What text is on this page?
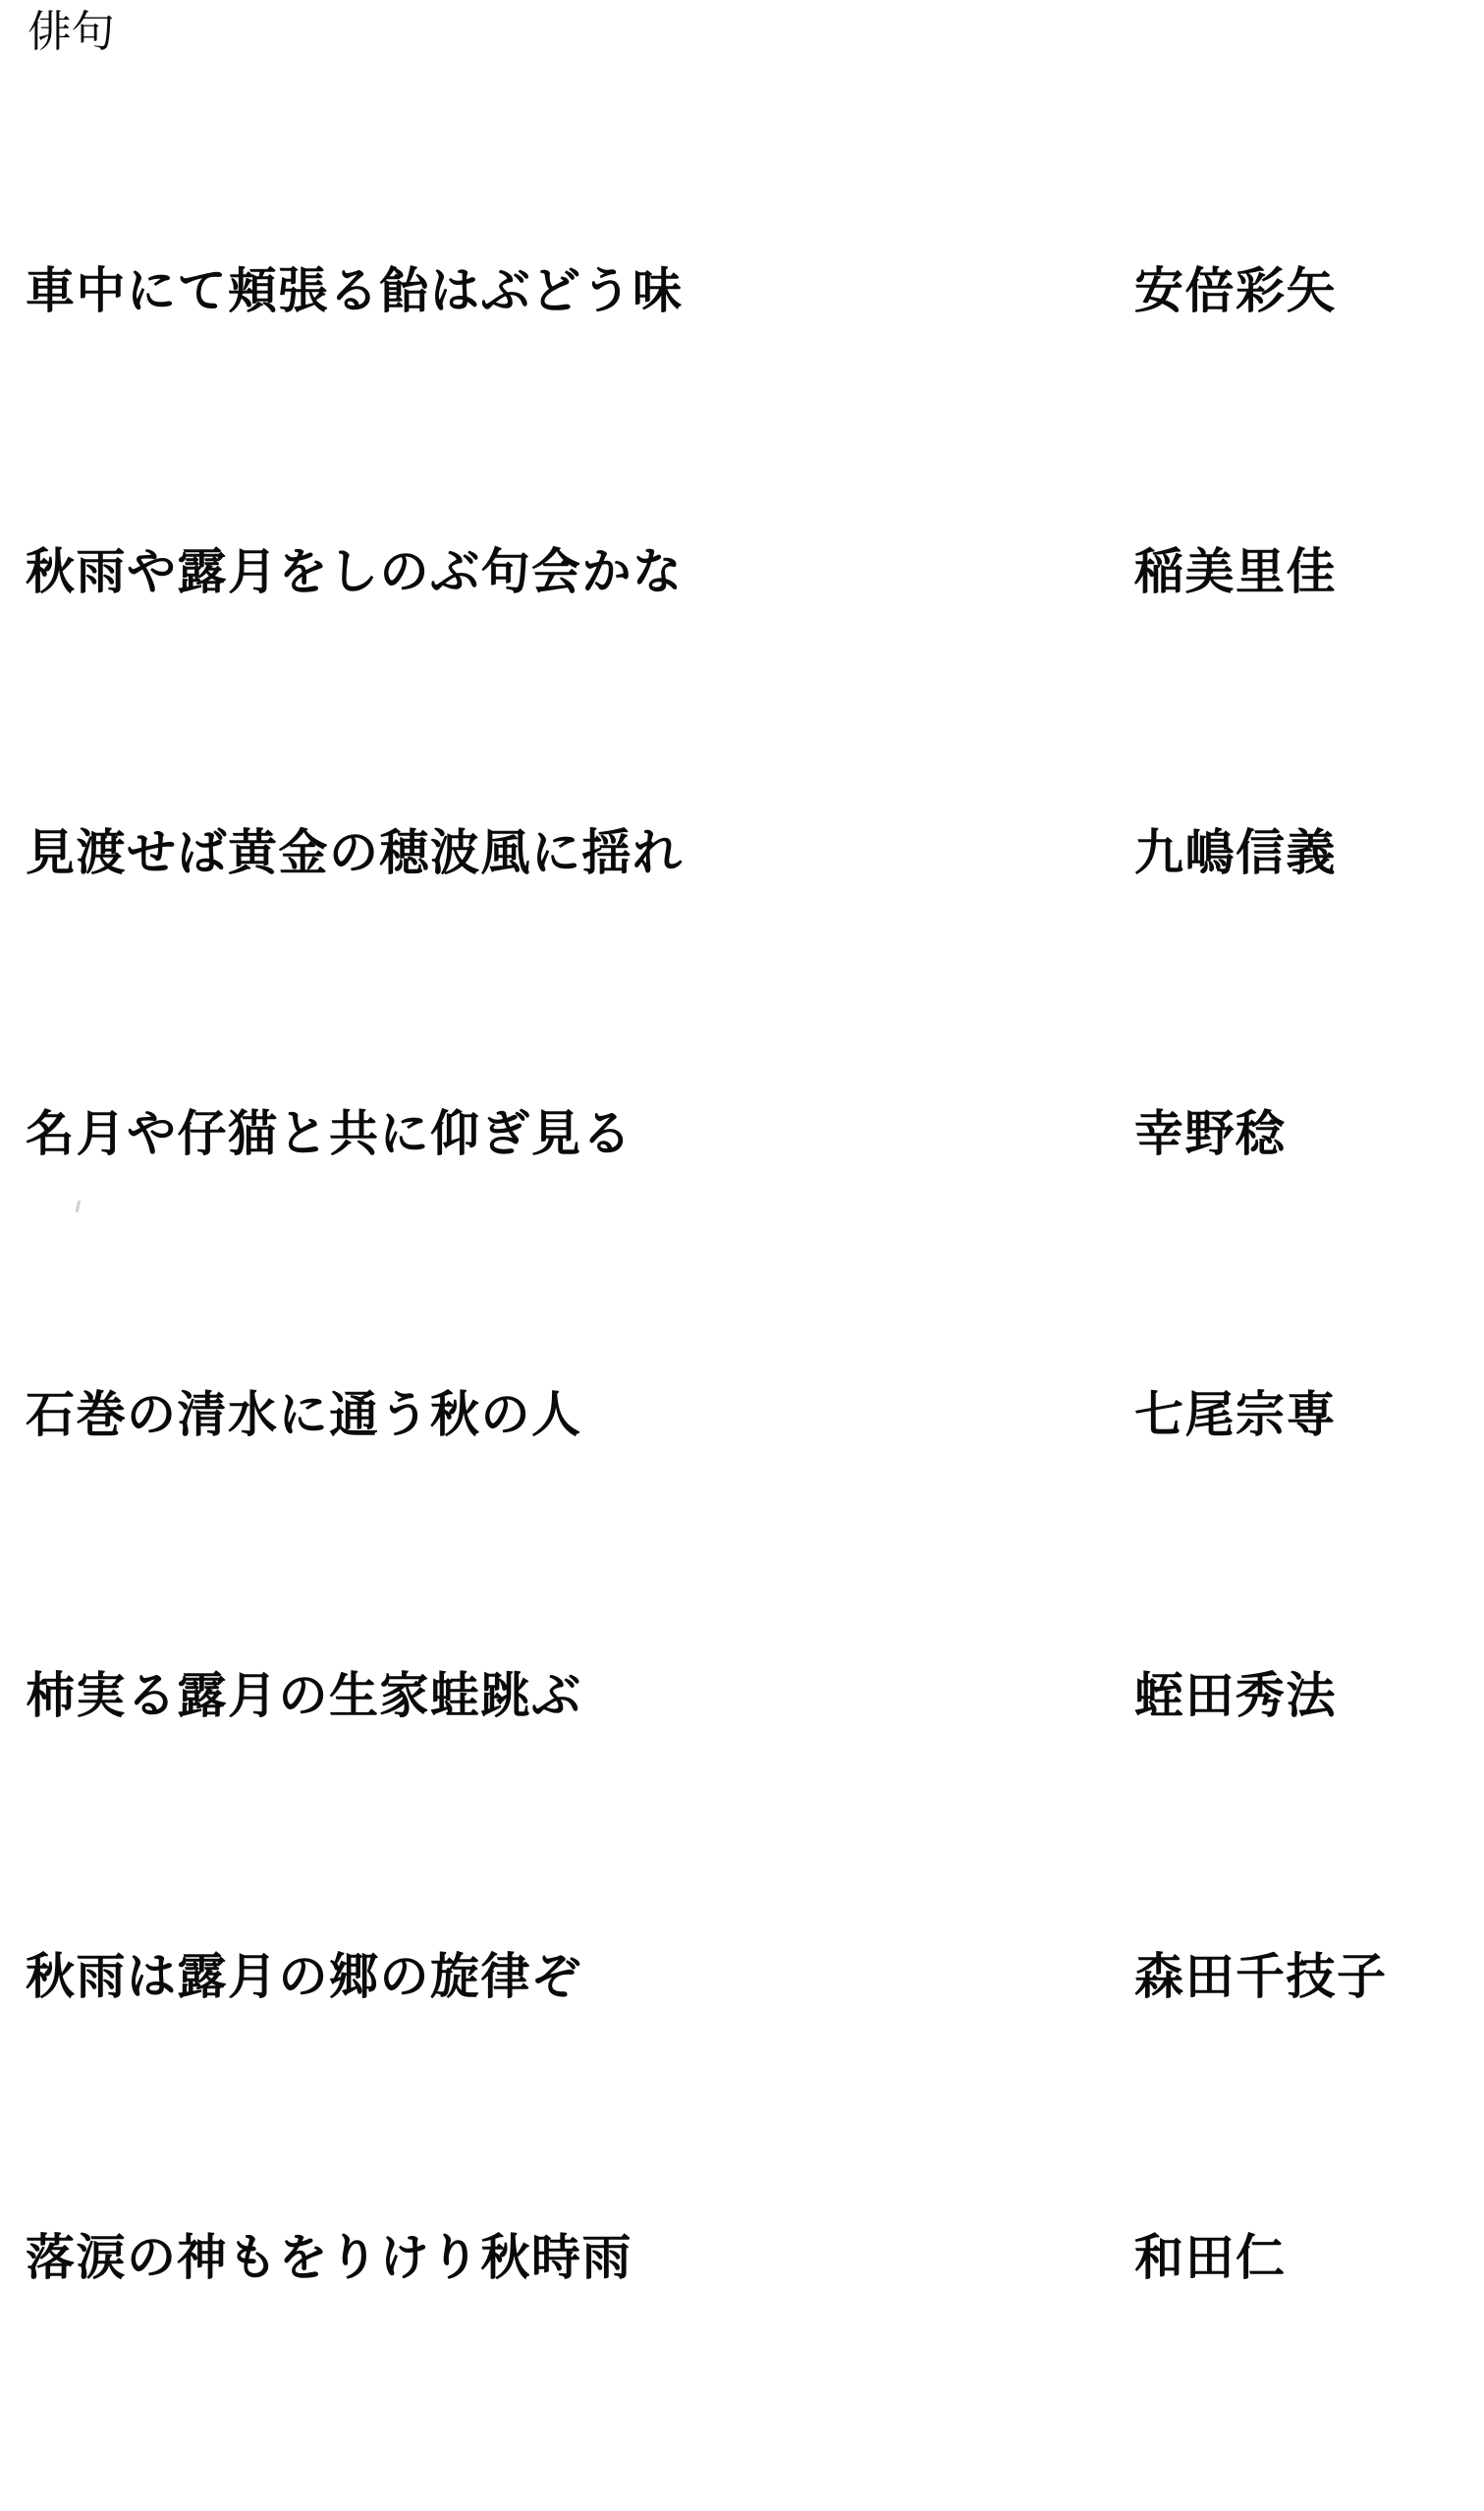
俳句
車中にて頬張る飴はぶどう味	安倍彩矢
秋雨や露月をしのぶ句会かな	稲美里佳
見渡せば黄金の穂波風に揺れ	九嶋信義
名月や仔猫と共に仰ぎ見る	幸野稔
石巻の清水に通う秋の人	七尾宗専
柿実る露月の生家蛙跳ぶ	蛭田秀法
秋雨は露月の郷の旋律ぞ	森田千技子
落涙の神もをりけり秋時雨	和田仁
